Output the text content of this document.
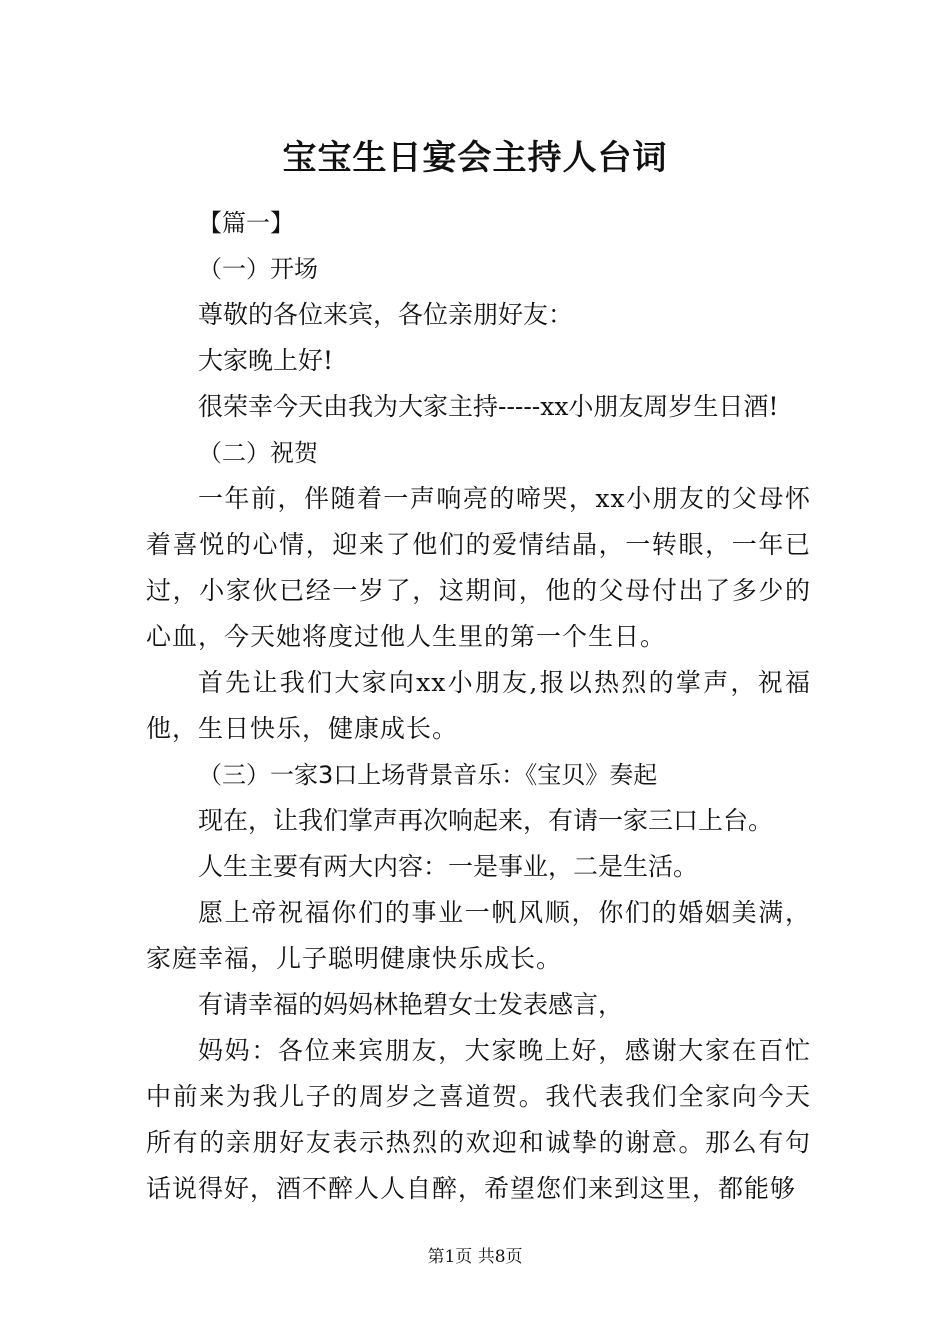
宝宝生日宴会主持人台词
【篇一】
（一）开场
尊敬的各位来宾，各位亲朋好友：
大家晚上好!
很荣幸今天由我为大家主持-----xx小朋友周岁生日酒!
（二）祝贺
一年前，伴随着一声响亮的啼哭，xx小朋友的父母怀着喜悦的心情，迎来了他们的爱情结晶，一转眼，一年已过，小家伙已经一岁了，这期间，他的父母付出了多少的心血，今天她将度过他人生里的第一个生日。
首先让我们大家向xx小朋友,报以热烈的掌声，祝福他，生日快乐，健康成长。
（三）一家3口上场背景音乐：《宝贝》奏起
现在，让我们掌声再次响起来，有请一家三口上台。
人生主要有两大内容：一是事业，二是生活。
愿上帝祝福你们的事业一帆风顺，你们的婚姻美满，家庭幸福，儿子聪明健康快乐成长。
有请幸福的妈妈林艳碧女士发表感言，
妈妈：各位来宾朋友，大家晚上好，感谢大家在百忙中前来为我儿子的周岁之喜道贺。我代表我们全家向今天所有的亲朋好友表示热烈的欢迎和诚挚的谢意。那么有句话说得好，酒不醉人人自醉，希望您们来到这里，都能够
第1页 共8页
